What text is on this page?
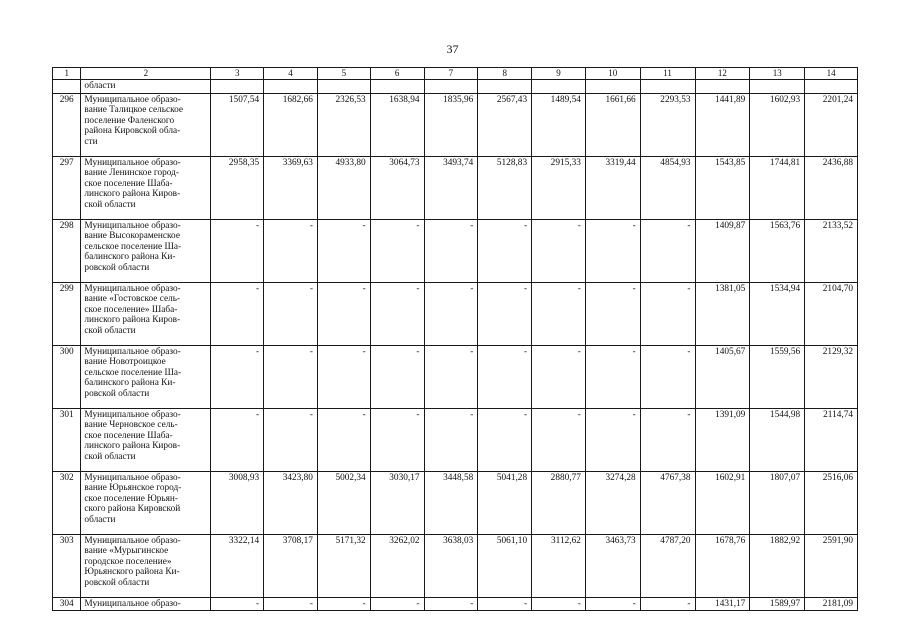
37
1	2	3	4	5	6	7	8	9	10	11	12	13	14
	области												
296	Муниципальное образо-
вание Талицкое сельское
поселение Фаленского
района Кировской обла-
сти	1507,54	1682,66	2326,53	1638,94	1835,96	2567,43	1489,54	1661,66	2293,53	1441,89	1602,93	2201,24
297	Муниципальное образо-
вание Ленинское город-
ское поселение Шаба-
линского района Киров-
ской области	2958,35	3369,63	4933,80	3064,73	3493,74	5128,83	2915,33	3319,44	4854,93	1543,85	1744,81	2436,88
298	Муниципальное образо-
вание Высокораменское
сельское поселение Ша-
балинского района Ки-
ровской области	-	-	-	-	-	-	-	-	-	1409,87	1563,76	2133,52
299	Муниципальное образо-
вание «Гостовское сель-
ское поселение» Шаба-
линского района Киров-
ской области	-	-	-	-	-	-	-	-	-	1381,05	1534,94	2104,70
300	Муниципальное образо-
вание Новотроицкое
сельское поселение Ша-
балинского района Ки-
ровской области	-	-	-	-	-	-	-	-	-	1405,67	1559,56	2129,32
301	Муниципальное образо-
вание Черновское сель-
ское поселение Шаба-
линского района Киров-
ской области	-	-	-	-	-	-	-	-	-	1391,09	1544,98	2114,74
302	Муниципальное образо-
вание Юрьянское город-
ское поселение Юрьян-
ского района Кировской
области	3008,93	3423,80	5002,34	3030,17	3448,58	5041,28	2880,77	3274,28	4767,38	1602,91	1807,07	2516,06
303	Муниципальное образо-
вание «Мурыгинское
городское поселение»
Юрьянского района Ки-
ровской области	3322,14	3708,17	5171,32	3262,02	3638,03	5061,10	3112,62	3463,73	4787,20	1678,76	1882,92	2591,90
304	Муниципальное образо-	-	-	-	-	-	-	-	-	-	1431,17	1589,97	2181,09
